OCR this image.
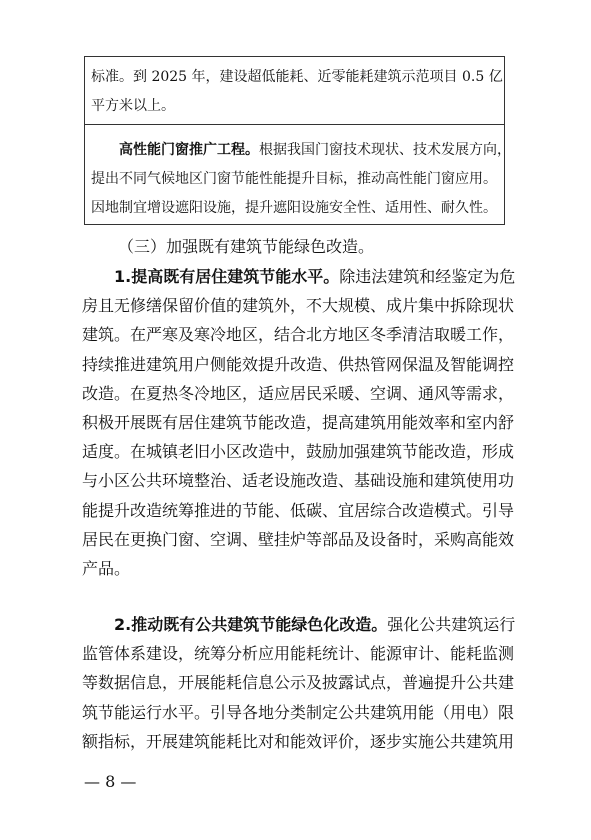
标准。到 2025 年，建设超低能耗、近零能耗建筑示范项目 0.5 亿
平方米以上。
　　高性能门窗推广工程。根据我国门窗技术现状、技术发展方向，
提出不同气候地区门窗节能性能提升目标，推动高性能门窗应用。
因地制宜增设遮阳设施，提升遮阳设施安全性、适用性、耐久性。
（三）加强既有建筑节能绿色改造。
　　1.提高既有居住建筑节能水平。除违法建筑和经鉴定为危
房且无修缮保留价值的建筑外，不大规模、成片集中拆除现状
建筑。在严寒及寒冷地区，结合北方地区冬季清洁取暖工作，
持续推进建筑用户侧能效提升改造、供热管网保温及智能调控
改造。在夏热冬冷地区，适应居民采暖、空调、通风等需求，
积极开展既有居住建筑节能改造，提高建筑用能效率和室内舒
适度。在城镇老旧小区改造中，鼓励加强建筑节能改造，形成
与小区公共环境整治、适老设施改造、基础设施和建筑使用功
能提升改造统筹推进的节能、低碳、宜居综合改造模式。引导
居民在更换门窗、空调、壁挂炉等部品及设备时，采购高能效
产品。
　　2.推动既有公共建筑节能绿色化改造。强化公共建筑运行
监管体系建设，统筹分析应用能耗统计、能源审计、能耗监测
等数据信息，开展能耗信息公示及披露试点，普遍提升公共建
筑节能运行水平。引导各地分类制定公共建筑用能（用电）限
额指标，开展建筑能耗比对和能效评价，逐步实施公共建筑用
— 8 —
